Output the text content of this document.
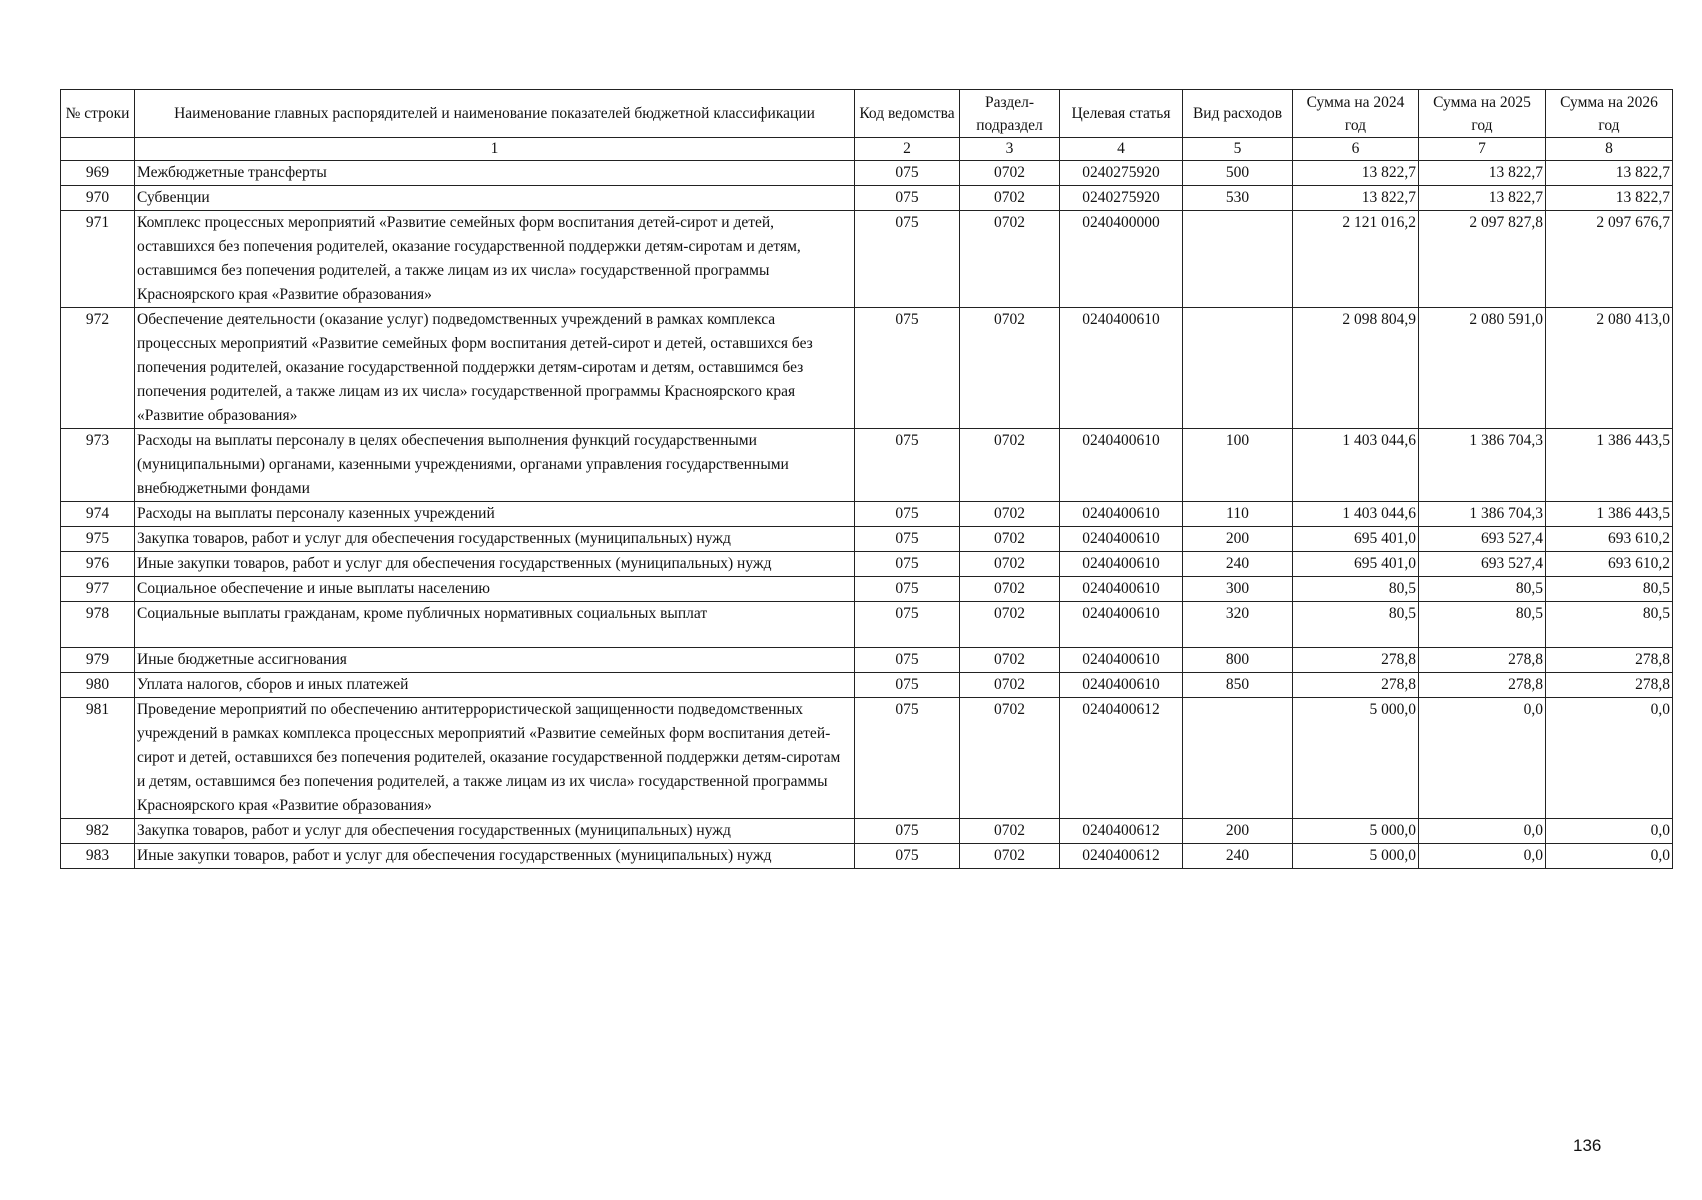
№ строки	Наименование главных распорядителей и наименование показателей бюджетной классификации	Код ведомства	Раздел-подраздел	Целевая статья	Вид расходов	Сумма на 2024 год	Сумма на 2025 год	Сумма на 2026 год
	1	2	3	4	5	6	7	8
969	Межбюджетные трансферты	075	0702	0240275920	500	13 822,7	13 822,7	13 822,7
970	Субвенции	075	0702	0240275920	530	13 822,7	13 822,7	13 822,7
971	Комплекс процессных мероприятий «Развитие семейных форм воспитания детей-сирот и детей, оставшихся без попечения родителей, оказание государственной поддержки детям-сиротам и детям, оставшимся без попечения родителей, а также лицам из их числа» государственной программы Красноярского края «Развитие образования»	075	0702	0240400000		2 121 016,2	2 097 827,8	2 097 676,7
972	Обеспечение деятельности (оказание услуг) подведомственных учреждений в рамках комплекса процессных мероприятий «Развитие семейных форм воспитания детей-сирот и детей, оставшихся без попечения родителей, оказание государственной поддержки детям-сиротам и детям, оставшимся без попечения родителей, а также лицам из их числа» государственной программы Красноярского края «Развитие образования»	075	0702	0240400610		2 098 804,9	2 080 591,0	2 080 413,0
973	Расходы на выплаты персоналу в целях обеспечения выполнения функций государственными (муниципальными) органами, казенными учреждениями, органами управления государственными внебюджетными фондами	075	0702	0240400610	100	1 403 044,6	1 386 704,3	1 386 443,5
974	Расходы на выплаты персоналу казенных учреждений	075	0702	0240400610	110	1 403 044,6	1 386 704,3	1 386 443,5
975	Закупка товаров, работ и услуг для обеспечения государственных (муниципальных) нужд	075	0702	0240400610	200	695 401,0	693 527,4	693 610,2
976	Иные закупки товаров, работ и услуг для обеспечения государственных (муниципальных) нужд	075	0702	0240400610	240	695 401,0	693 527,4	693 610,2
977	Социальное обеспечение и иные выплаты населению	075	0702	0240400610	300	80,5	80,5	80,5
978	Социальные выплаты гражданам, кроме публичных нормативных социальных выплат	075	0702	0240400610	320	80,5	80,5	80,5
979	Иные бюджетные ассигнования	075	0702	0240400610	800	278,8	278,8	278,8
980	Уплата налогов, сборов и иных платежей	075	0702	0240400610	850	278,8	278,8	278,8
981	Проведение мероприятий по обеспечению антитеррористической защищенности подведомственных учреждений в рамках комплекса процессных мероприятий «Развитие семейных форм воспитания детей-сирот и детей, оставшихся без попечения родителей, оказание государственной поддержки детям-сиротам и детям, оставшимся без попечения родителей, а также лицам из их числа» государственной программы Красноярского края «Развитие образования»	075	0702	0240400612		5 000,0	0,0	0,0
982	Закупка товаров, работ и услуг для обеспечения государственных (муниципальных) нужд	075	0702	0240400612	200	5 000,0	0,0	0,0
983	Иные закупки товаров, работ и услуг для обеспечения государственных (муниципальных) нужд	075	0702	0240400612	240	5 000,0	0,0	0,0
136
